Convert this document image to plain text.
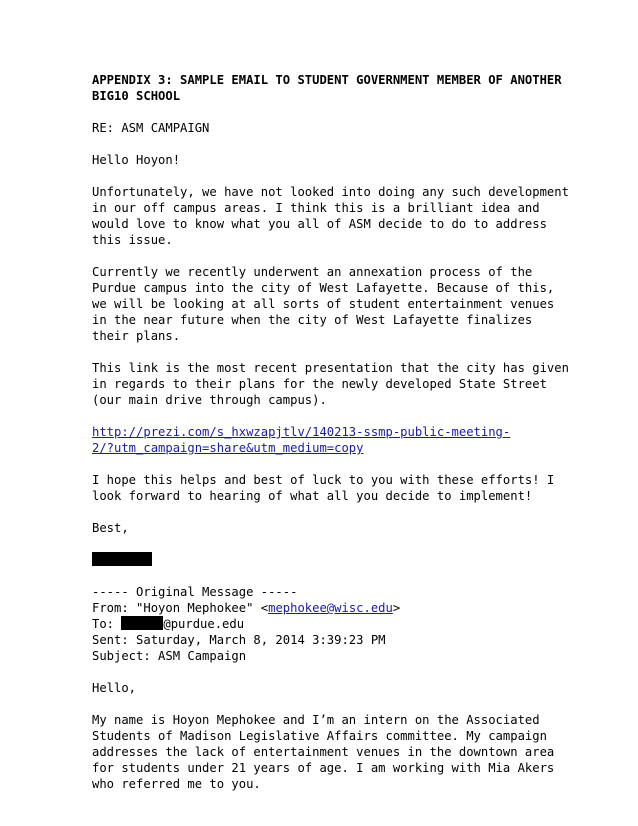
APPENDIX 3: SAMPLE EMAIL TO STUDENT GOVERNMENT MEMBER OF ANOTHER
BIG10 SCHOOL
RE: ASM CAMPAIGN
Hello Hoyon!
Unfortunately, we have not looked into doing any such development
in our off campus areas. I think this is a brilliant idea and
would love to know what you all of ASM decide to do to address
this issue.
Currently we recently underwent an annexation process of the
Purdue campus into the city of West Lafayette. Because of this,
we will be looking at all sorts of student entertainment venues
in the near future when the city of West Lafayette finalizes
their plans.
This link is the most recent presentation that the city has given
in regards to their plans for the newly developed State Street
(our main drive through campus).
http://prezi.com/s_hxwzapjtlv/140213-ssmp-public-meeting-
2/?utm_campaign=share&utm_medium=copy
I hope this helps and best of luck to you with these efforts! I
look forward to hearing of what all you decide to implement!
Best,
----- Original Message -----
From: "Hoyon Mephokee" <mephokee@wisc.edu>
To:	@purdue.edu
Sent: Saturday, March 8, 2014 3:39:23 PM
Subject: ASM Campaign
Hello,
My name is Hoyon Mephokee and I’m an intern on the Associated
Students of Madison Legislative Affairs committee. My campaign
addresses the lack of entertainment venues in the downtown area
for students under 21 years of age. I am working with Mia Akers
who referred me to you.
